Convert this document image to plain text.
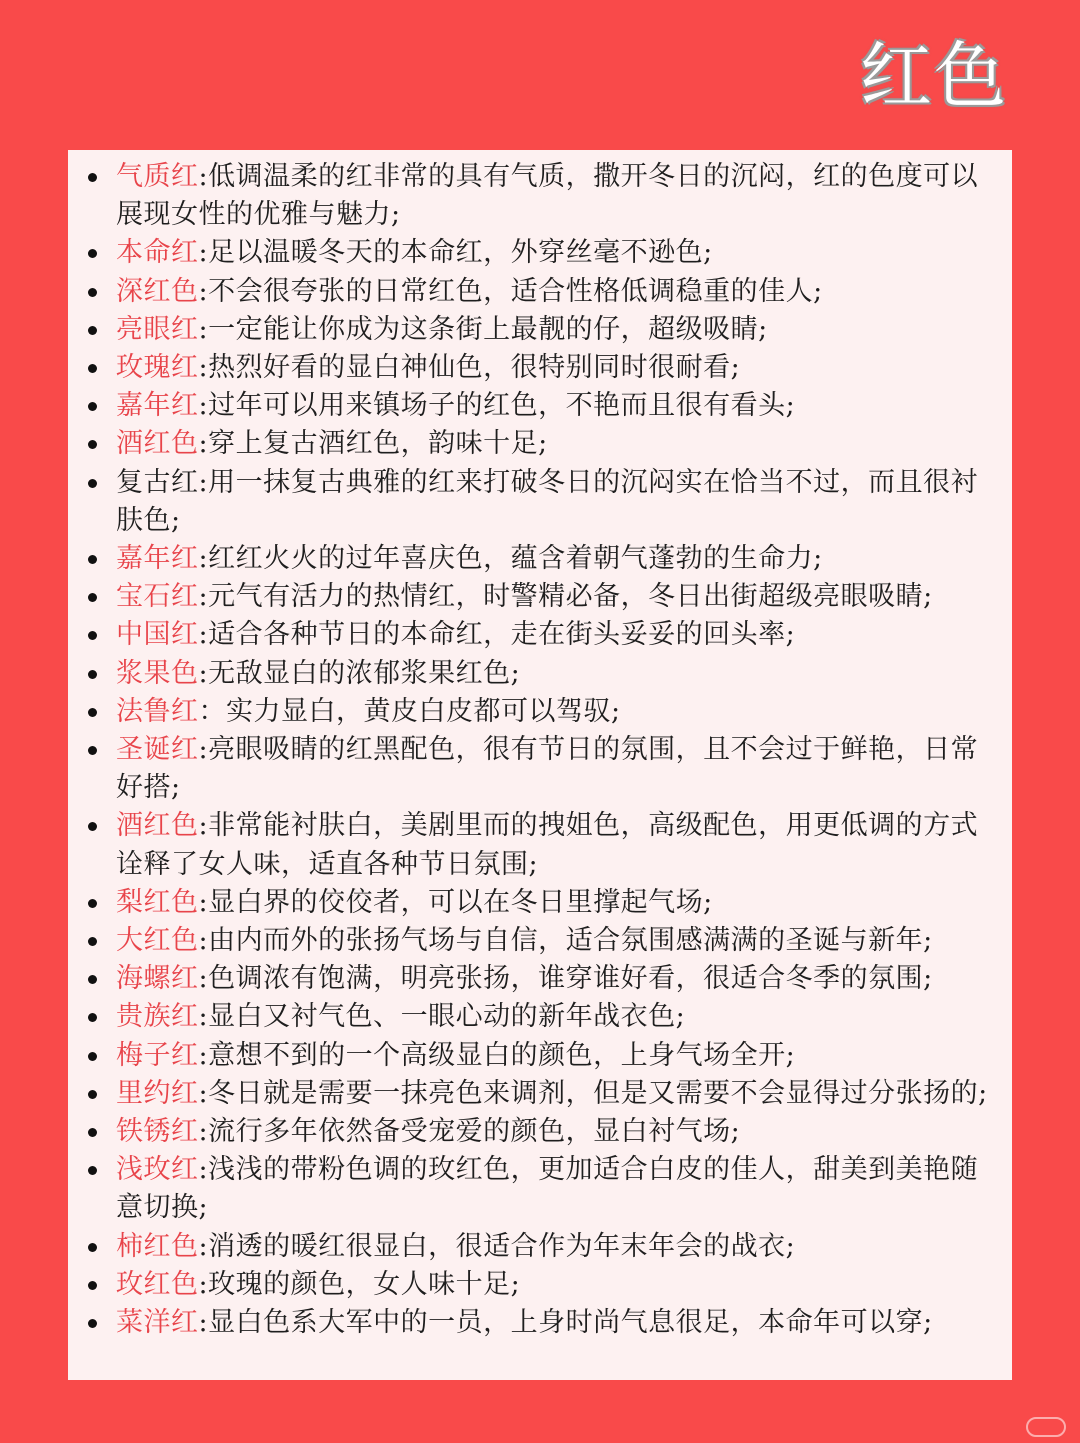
红色
气质红:低调温柔的红非常的具有气质，撒开冬日的沉闷，红的色度可以展现女性的优雅与魅力;
本命红:足以温暖冬天的本命红，外穿丝毫不逊色;
深红色:不会很夸张的日常红色，适合性格低调稳重的佳人;
亮眼红:一定能让你成为这条街上最靓的仔，超级吸睛;
玫瑰红:热烈好看的显白神仙色，很特别同时很耐看;
嘉年红:过年可以用来镇场子的红色，不艳而且很有看头;
酒红色:穿上复古酒红色，韵味十足;
复古红:用一抹复古典雅的红来打破冬日的沉闷实在恰当不过，而且很衬肤色;
嘉年红:红红火火的过年喜庆色，蕴含着朝气蓬勃的生命力;
宝石红:元气有活力的热情红，时警精必备，冬日出街超级亮眼吸睛;
中国红:适合各种节日的本命红，走在街头妥妥的回头率;
浆果色:无敌显白的浓郁浆果红色;
法鲁红：实力显白，黄皮白皮都可以驾驭;
圣诞红:亮眼吸睛的红黑配色，很有节日的氛围，且不会过于鲜艳，日常好搭;
酒红色:非常能衬肤白，美剧里而的拽姐色，高级配色，用更低调的方式诠释了女人味，适直各种节日氛围;
梨红色:显白界的佼佼者，可以在冬日里撑起气场;
大红色:由内而外的张扬气场与自信，适合氛围感满满的圣诞与新年;
海螺红:色调浓有饱满，明亮张扬，谁穿谁好看，很适合冬季的氛围;
贵族红:显白又衬气色、一眼心动的新年战衣色;
梅子红:意想不到的一个高级显白的颜色，上身气场全开;
里约红:冬日就是需要一抹亮色来调剂，但是又需要不会显得过分张扬的;
铁锈红:流行多年依然备受宠爱的颜色，显白衬气场;
浅玫红:浅浅的带粉色调的玫红色，更加适合白皮的佳人，甜美到美艳随意切换;
柿红色:消透的暖红很显白，很适合作为年末年会的战衣;
玫红色:玫瑰的颜色，女人味十足;
菜洋红:显白色系大军中的一员，上身时尚气息很足，本命年可以穿;
